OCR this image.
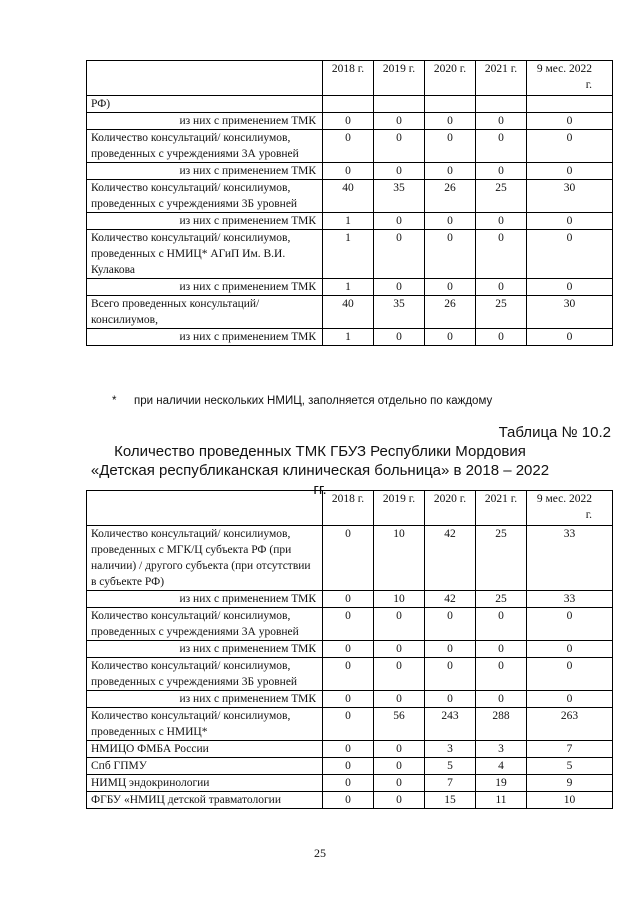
	2018 г.	2019 г.	2020 г.	2021 г.	9 мес. 2022 г.
РФ)					
из них с применением ТМК	0	0	0	0	0
Количество консультаций/ консилиумов, проведенных с учреждениями 3А уровней	0	0	0	0	0
из них с применением ТМК	0	0	0	0	0
Количество консультаций/ консилиумов, проведенных с учреждениями 3Б уровней	40	35	26	25	30
из них с применением ТМК	1	0	0	0	0
Количество консультаций/ консилиумов, проведенных с НМИЦ* АГиП Им. В.И. Кулакова	1	0	0	0	0
из них с применением ТМК	1	0	0	0	0
Всего проведенных консультаций/ консилиумов,	40	35	26	25	30
из них с применением ТМК	1	0	0	0	0
* при наличии нескольких НМИЦ, заполняется отдельно по каждому
Таблица № 10.2
Количество проведенных ТМК ГБУЗ Республики Мордовия «Детская республиканская клиническая больница» в 2018 – 2022 гг.
	2018 г.	2019 г.	2020 г.	2021 г.	9 мес. 2022 г.
Количество консультаций/ консилиумов, проведенных с МГК/Ц субъекта РФ (при наличии) / другого субъекта (при отсутствии в субъекте РФ)	0	10	42	25	33
из них с применением ТМК	0	10	42	25	33
Количество консультаций/ консилиумов, проведенных с учреждениями 3А уровней	0	0	0	0	0
из них с применением ТМК	0	0	0	0	0
Количество консультаций/ консилиумов, проведенных с учреждениями 3Б уровней	0	0	0	0	0
из них с применением ТМК	0	0	0	0	0
Количество консультаций/ консилиумов, проведенных с НМИЦ*	0	56	243	288	263
НМИЦО ФМБА России	0	0	3	3	7
Спб ГПМУ	0	0	5	4	5
НИМЦ эндокринологии	0	0	7	19	9
ФГБУ «НМИЦ детской травматологии	0	0	15	11	10
25
